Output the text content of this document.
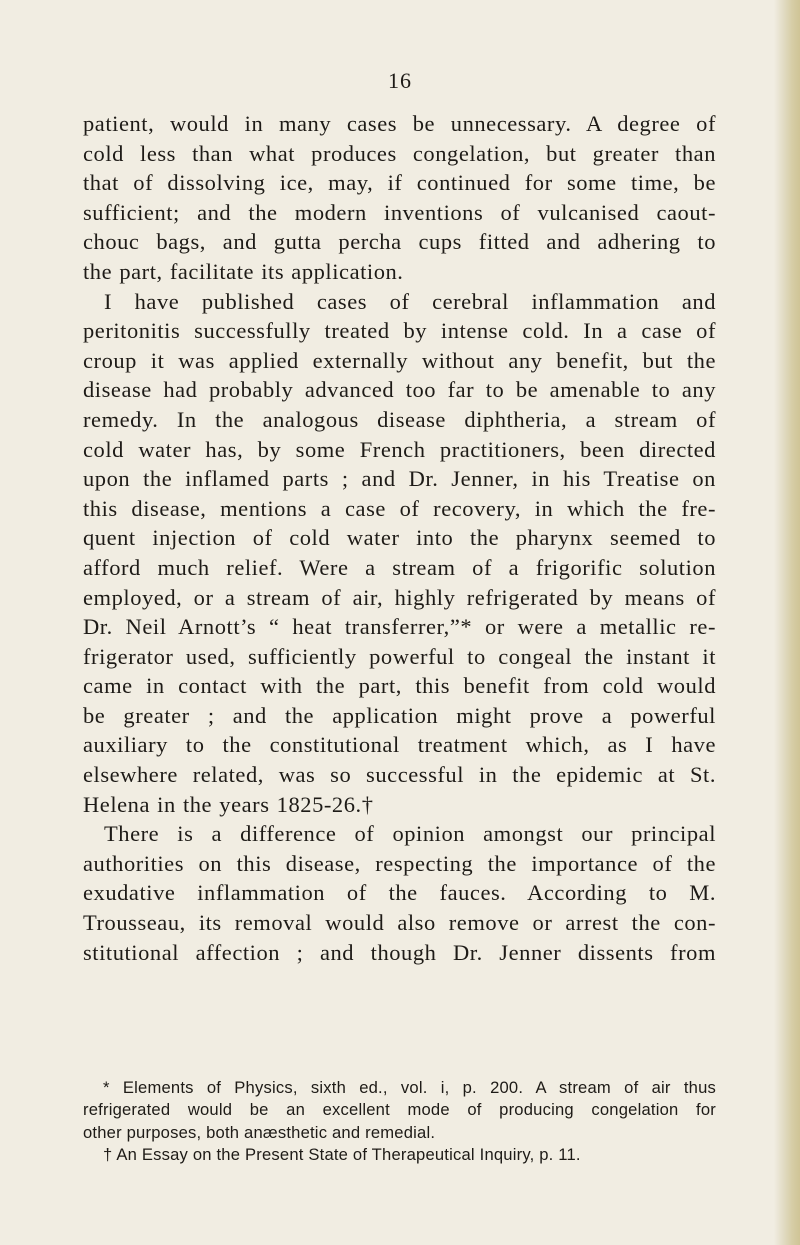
16

patient, would in many cases be unnecessary. A degree of
cold less than what produces congelation, but greater than
that of dissolving ice, may, if continued for some time, be
sufficient; and the modern inventions of vulcanised caout-
chouc bags, and gutta percha cups fitted and adhering to
the part, facilitate its application.

I have published cases of cerebral inflammation and
peritonitis successfully treated by intense cold. In a case of
croup it was applied externally without any benefit, but the
disease had probably advanced too far to be amenable to any
remedy. In the analogous disease diphtheria, a stream of
cold water has, by some French practitioners, been directed
upon the inflamed parts ; and Dr. Jenner, in his Treatise on
this disease, mentions a case of recovery, in which the fre-
quent injection of cold water into the pharynx seemed to
afford much relief. Were a stream of a frigorific solution
employed, or a stream of air, highly refrigerated by means of
Dr. Neil Arnott’s “ heat transferrer,”* or were a metallic re-
frigerator used, sufficiently powerful to congeal the instant it
came in contact with the part, this benefit from cold would
be greater ; and the application might prove a powerful
auxiliary to the constitutional treatment which, as I have
elsewhere related, was so successful in the epidemic at St.
Helena in the years 1825-26.†

There is a difference of opinion amongst our principal
authorities on this disease, respecting the importance of the
exudative inflammation of the fauces. According to M.
Trousseau, its removal would also remove or arrest the con-
stitutional affection ; and though Dr. Jenner dissents from

* Elements of Physics, sixth ed., vol. i, p. 200. A stream of air thus
refrigerated would be an excellent mode of producing congelation for
other purposes, both anæsthetic and remedial.

† An Essay on the Present State of Therapeutical Inquiry, p. 11.
